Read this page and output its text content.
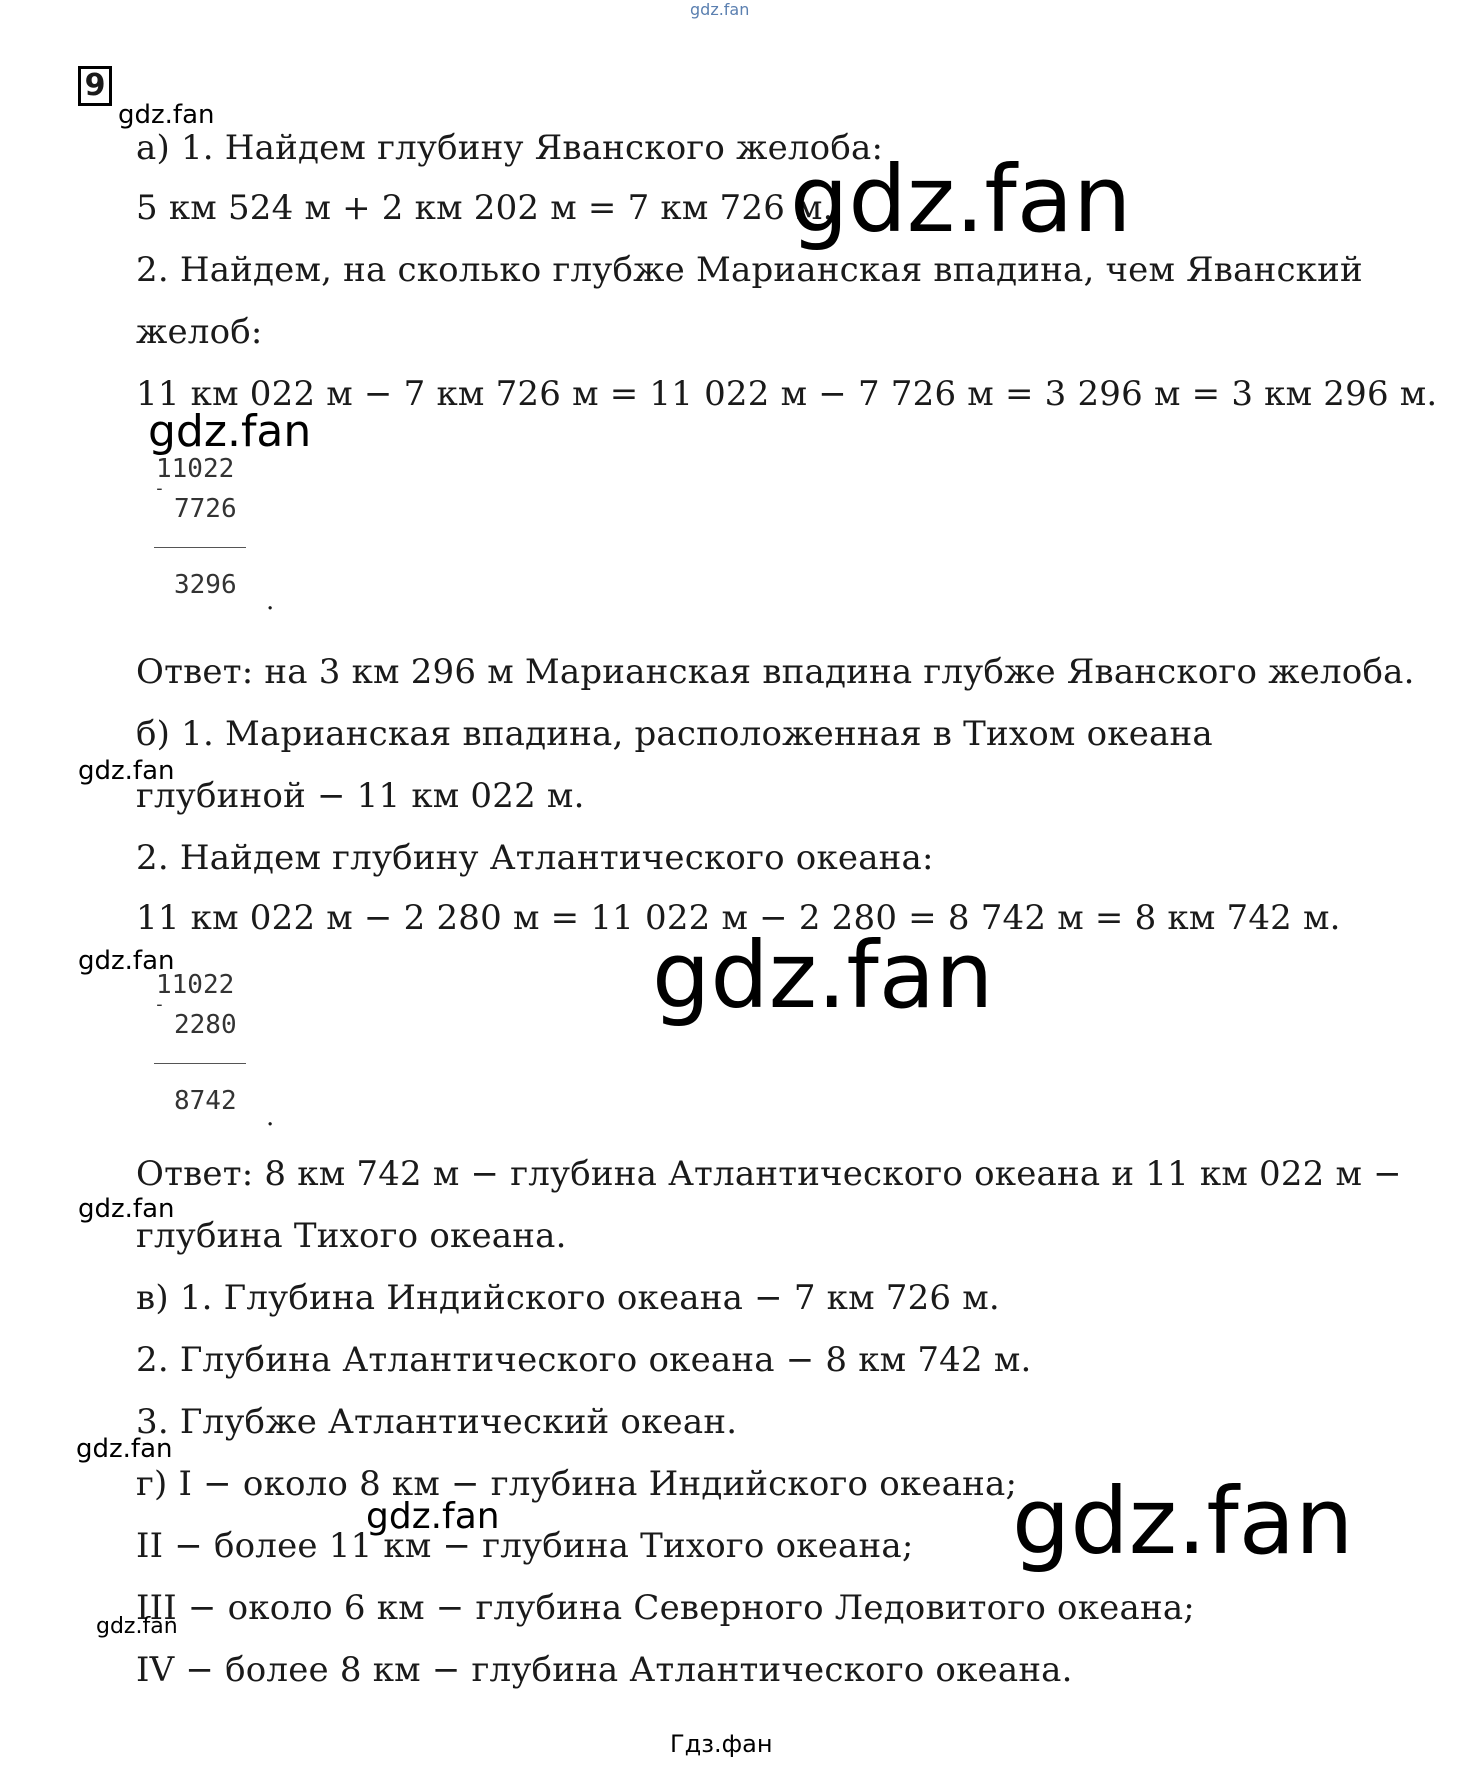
gdz.fan
9
gdz.fan
а) 1. Найдем глубину Яванского желоба:
5 км 524 м + 2 км 202 м = 7 км 726 м.
gdz.fan
2. Найдем, на сколько глубже Марианская впадина, чем Яванский
желоб:
11 км 022 м − 7 км 726 м = 11 022 м − 7 726 м = 3 296 м = 3 км 296 м.
gdz.fan
11022
-
7726
3296
.
Ответ: на 3 км 296 м Марианская впадина глубже Яванского желоба.
б) 1. Марианская впадина, расположенная в Тихом океана
gdz.fan
глубиной − 11 км 022 м.
2. Найдем глубину Атлантического океана:
11 км 022 м − 2 280 м = 11 022 м − 2 280 = 8 742 м = 8 км 742 м.
gdz.fan	gdz.fan
11022
-
2280
8742
.
Ответ: 8 км 742 м − глубина Атлантического океана и 11 км 022 м −
gdz.fan
глубина Тихого океана.
в) 1. Глубина Индийского океана − 7 км 726 м.
2. Глубина Атлантического океана − 8 км 742 м.
3. Глубже Атлантический океан.
gdz.fan
г) I − около 8 км − глубина Индийского океана;
gdz.fan	gdz.fan
II − более 11 км − глубина Тихого океана;
III − около 6 км − глубина Северного Ледовитого океана;
gdz.fan
IV − более 8 км − глубина Атлантического океана.
Гдз.фан
